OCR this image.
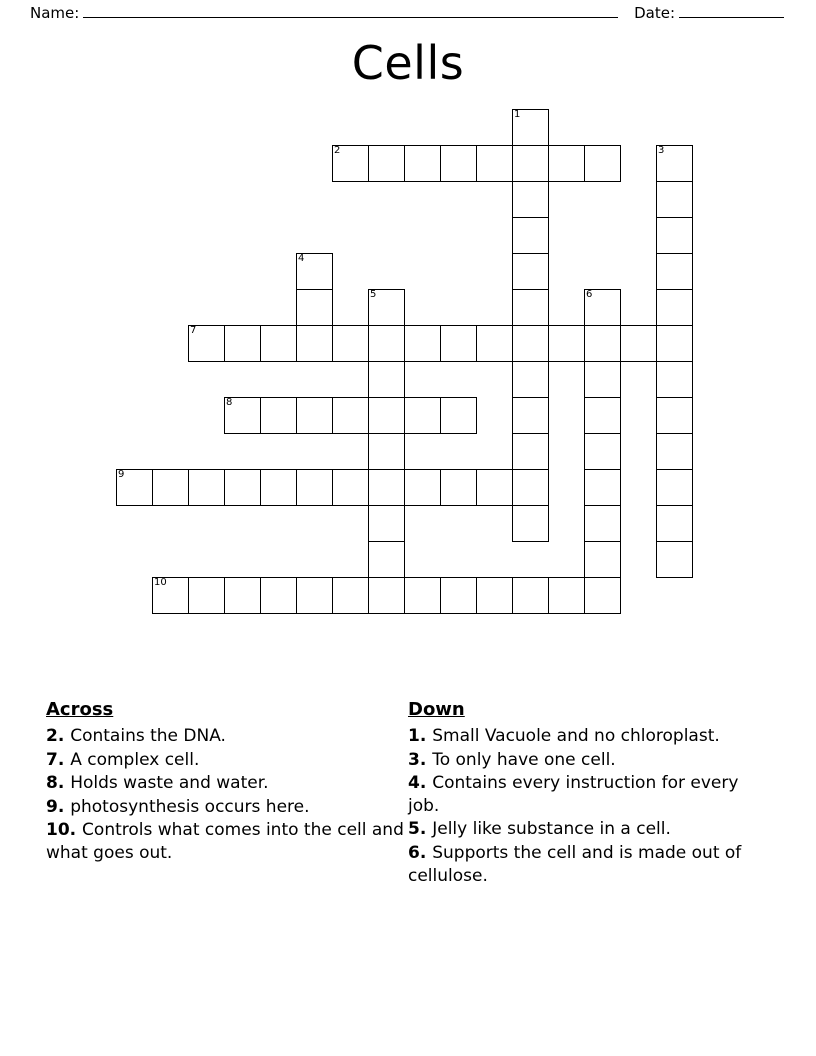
Name:	Date:
Cells
1
2	3
4
5	6
7
8
9
10
Across
2. Contains the DNA.
7. A complex cell.
8. Holds waste and water.
9. photosynthesis occurs here.
10. Controls what comes into the cell and what goes out.
Down
1. Small Vacuole and no chloroplast.
3. To only have one cell.
4. Contains every instruction for every job.
5. Jelly like substance in a cell.
6. Supports the cell and is made out of cellulose.
